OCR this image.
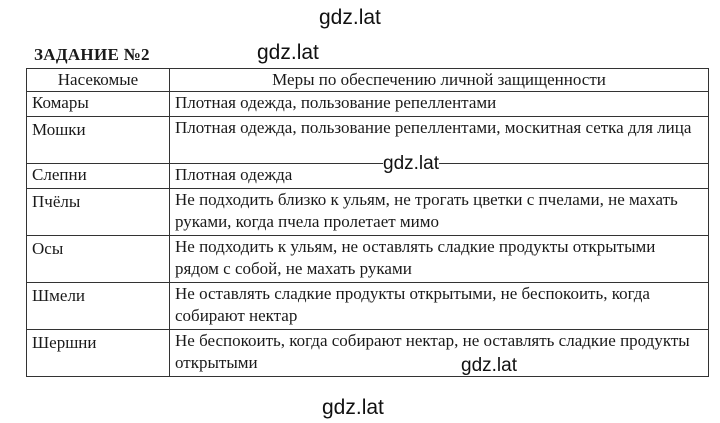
gdz.lat
ЗАДАНИЕ №2	gdz.lat
Насекомые	Меры по обеспечению личной защищенности
Комары	Плотная одежда, пользование репеллентами
Мошки	Плотная одежда, пользование репеллентами, москитная сетка для лица
Слепни	Плотная одежда
Пчёлы	Не подходить близко к ульям, не трогать цветки с пчелами, не махать руками, когда пчела пролетает мимо
Осы	Не подходить к ульям, не оставлять сладкие продукты открытыми рядом с собой, не махать руками
Шмели	Не оставлять сладкие продукты открытыми, не беспокоить, когда собирают нектар
Шершни	Не беспокоить, когда собирают нектар, не оставлять сладкие продукты открытыми
gdz.lat
gdz.lat
gdz.lat
